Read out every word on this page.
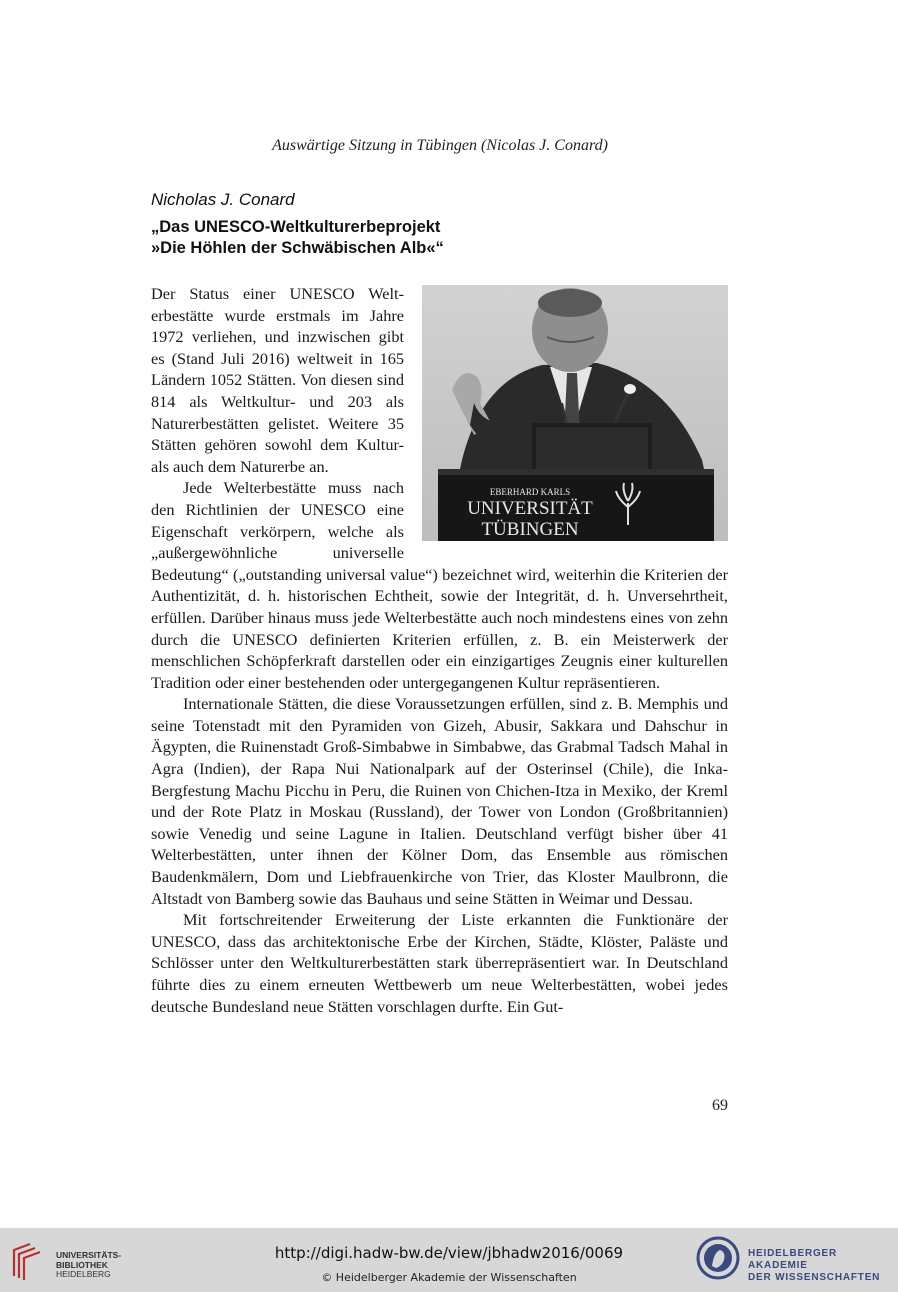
Auswärtige Sitzung in Tübingen (Nicolas J. Conard)
Nicholas J. Conard
„Das UNESCO-Weltkulturerbeprojekt
»Die Höhlen der Schwäbischen Alb«“
EBERHARD KARLS
UNIVERSITÄT
TÜBINGEN

Der Status einer UNESCO Welterbestätte wurde erstmals im Jahre 1972 verliehen, und inzwischen gibt es (Stand Juli 2016) weltweit in 165 Ländern 1052 Stätten. Von diesen sind 814 als Weltkultur- und 203 als Naturerbestätten gelistet. Weitere 35 Stätten gehören sowohl dem Kultur- als auch dem Naturerbe an.

Jede Welterbestätte muss nach den Richtlinien der UNESCO eine Eigenschaft verkörpern, welche als „außergewöhnliche universelle Bedeutung“ („outstanding universal value“) bezeichnet wird, weiterhin die Kriterien der Authentizität, d. h. historischen Echtheit, sowie der Integrität, d. h. Unversehrtheit, erfüllen. Darüber hinaus muss jede Welterbestätte auch noch mindestens eines von zehn durch die UNESCO definierten Kriterien erfüllen, z. B. ein Meisterwerk der menschlichen Schöpferkraft darstellen oder ein einzigartiges Zeugnis einer kulturellen Tradition oder einer bestehenden oder untergegangenen Kultur repräsentieren.

Internationale Stätten, die diese Voraussetzungen erfüllen, sind z. B. Memphis und seine Totenstadt mit den Pyramiden von Gizeh, Abusir, Sakkara und Dahschur in Ägypten, die Ruinenstadt Groß-Simbabwe in Simbabwe, das Grabmal Tadsch Mahal in Agra (Indien), der Rapa Nui Nationalpark auf der Osterinsel (Chile), die Inka-Bergfestung Machu Picchu in Peru, die Ruinen von Chichen-Itza in Mexiko, der Kreml und der Rote Platz in Moskau (Russland), der Tower von London (Großbritannien) sowie Venedig und seine Lagune in Italien. Deutschland verfügt bisher über 41 Welterbestätten, unter ihnen der Kölner Dom, das Ensemble aus römischen Baudenkmälern, Dom und Liebfrauenkirche von Trier, das Kloster Maulbronn, die Altstadt von Bamberg sowie das Bauhaus und seine Stätten in Weimar und Dessau.

Mit fortschreitender Erweiterung der Liste erkannten die Funktionäre der UNESCO, dass das architektonische Erbe der Kirchen, Städte, Klöster, Paläste und Schlösser unter den Weltkulturerbestätten stark überrepräsentiert war. In Deutschland führte dies zu einem erneuten Wettbewerb um neue Welterbestätten, wobei jedes deutsche Bundesland neue Stätten vorschlagen durfte. Ein Gut-

69
UNIVERSITÄTS-
BIBLIOTHEK
HEIDELBERG
http://digi.hadw-bw.de/view/jbhadw2016/0069
© Heidelberger Akademie der Wissenschaften
HEIDELBERGER AKADEMIE
DER WISSENSCHAFTEN
